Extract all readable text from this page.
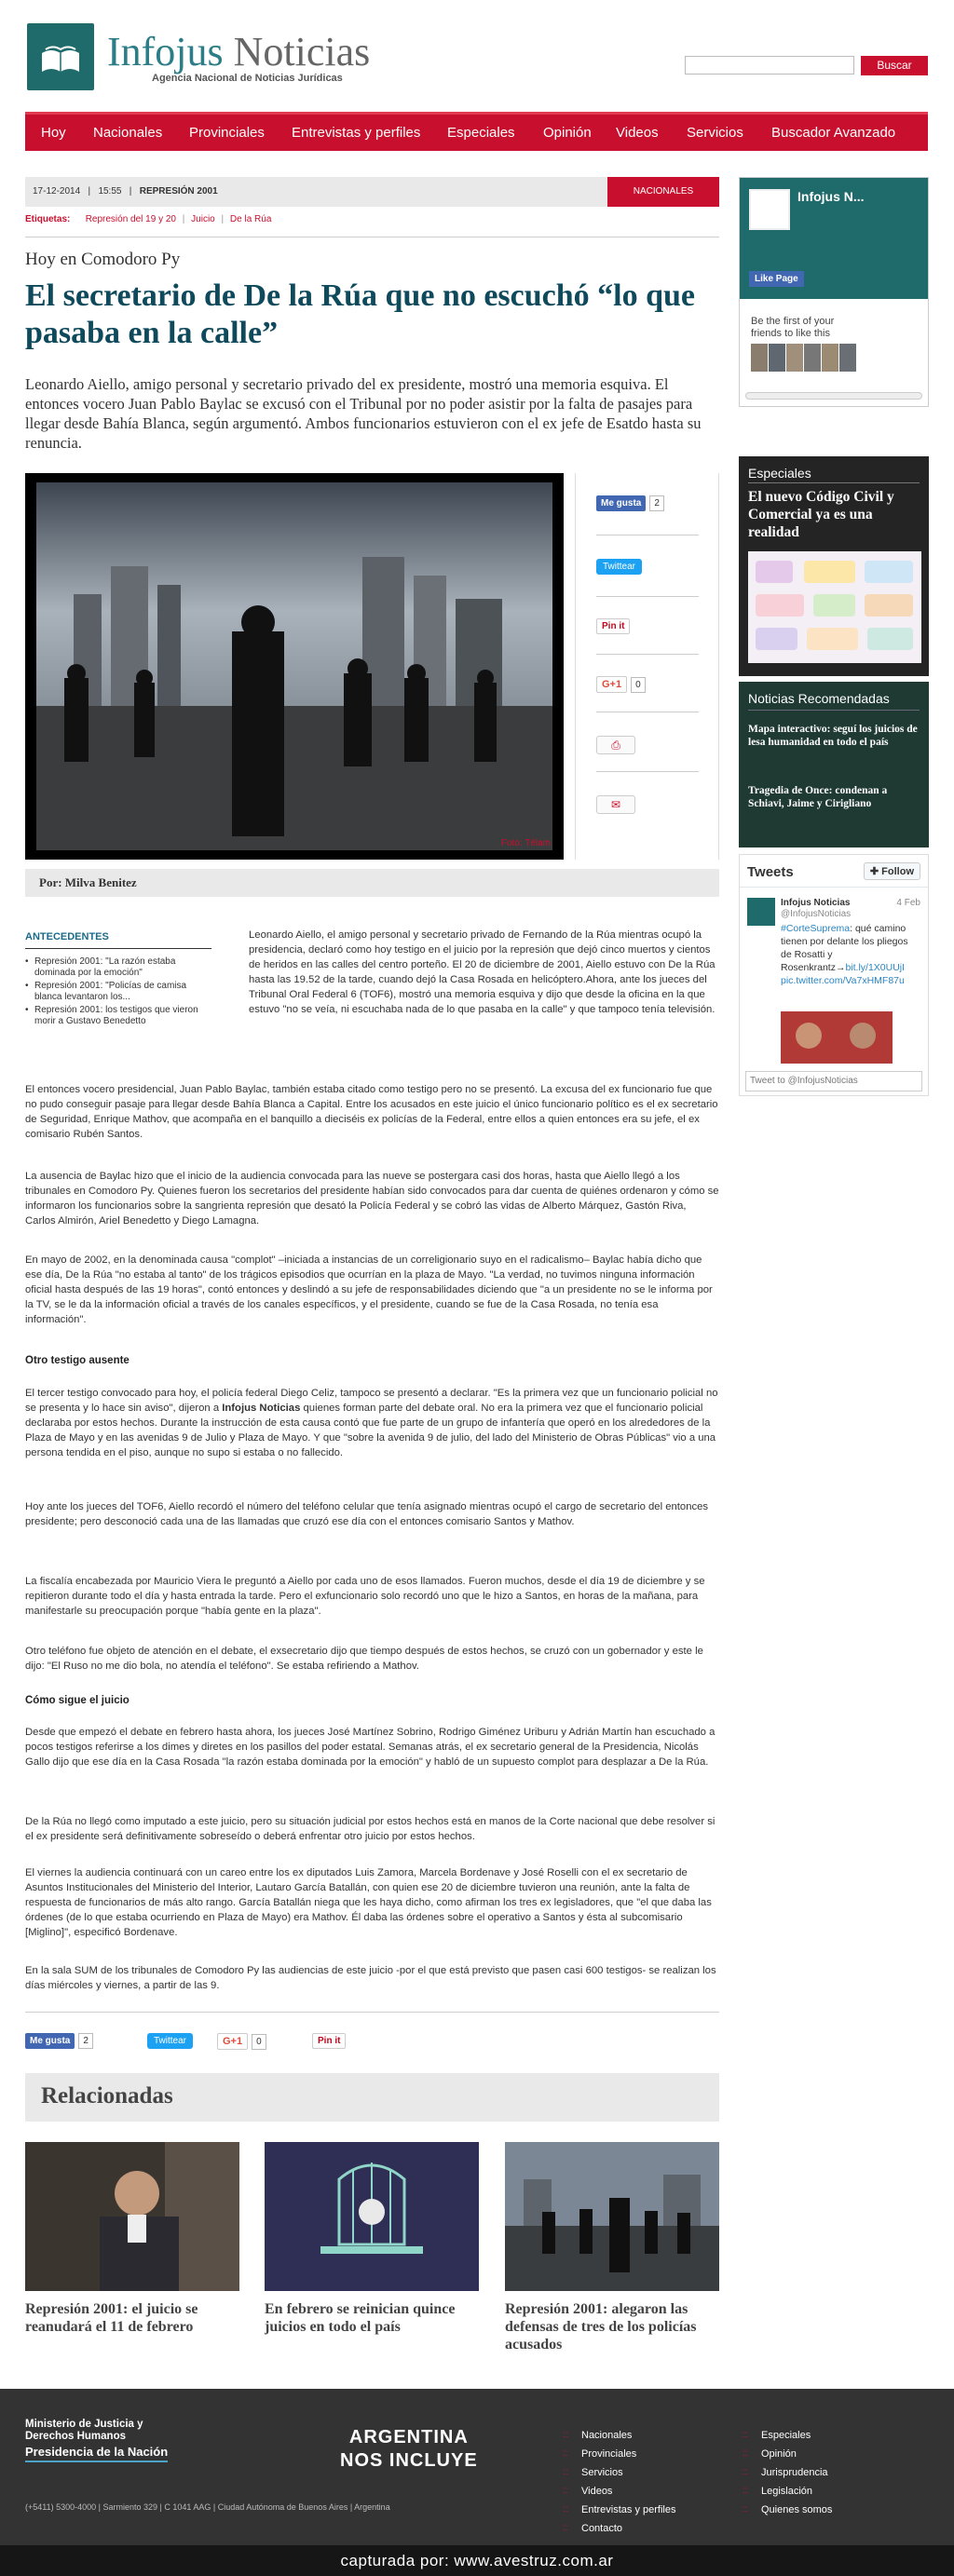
Infojus Noticias
Agencia Nacional de Noticias Jurídicas
Buscar
Hoy Nacionales Provinciales Entrevistas y perfiles Especiales Opinión Videos Servicios Buscador Avanzado
17-12-2014   |   15:55   |   REPRESIÓN 2001	NACIONALES
Etiquetas: Represión del 19 y 20 | Juicio | De la Rúa
Hoy en Comodoro Py
El secretario de De la Rúa que no escuchó “lo que pasaba en la calle”
Leonardo Aiello, amigo personal y secretario privado del ex presidente, mostró una memoria esquiva. El entonces vocero Juan Pablo Baylac se excusó con el Tribunal por no poder asistir por la falta de pasajes para llegar desde Bahía Blanca, según argumentó. Ambos funcionarios estuvieron con el ex jefe de Esatdo hasta su renuncia.
Foto: Télam
Me gusta 2
Twittear
Pin it
G+1 0
⎙
✉
Por: Milva Benitez
ANTECEDENTES
• Represión 2001: "La razón estaba dominada por la emoción"
• Represión 2001: "Policías de camisa blanca levantaron los...
• Represión 2001: los testigos que vieron morir a Gustavo Benedetto
Leonardo Aiello, el amigo personal y secretario privado de Fernando de la Rúa mientras ocupó la presidencia, declaró como hoy testigo en el juicio por la represión que dejó cinco muertos y cientos de heridos en las calles del centro porteño. El 20 de diciembre de 2001, Aiello estuvo con De la Rúa hasta las 19.52 de la tarde, cuando dejó la Casa Rosada en helicóptero.Ahora, ante los jueces del Tribunal Oral Federal 6 (TOF6), mostró una memoria esquiva y dijo que desde la oficina en la que estuvo "no se veía, ni escuchaba nada de lo que pasaba en la calle" y que tampoco tenía televisión.
El entonces vocero presidencial, Juan Pablo Baylac, también estaba citado como testigo pero no se presentó. La excusa del ex funcionario fue que no pudo conseguir pasaje para llegar desde Bahía Blanca a Capital. Entre los acusados en este juicio el único funcionario político es el ex secretario de Seguridad, Enrique Mathov, que acompaña en el banquillo a dieciséis ex policías de la Federal, entre ellos a quien entonces era su jefe, el ex comisario Rubén Santos.
La ausencia de Baylac hizo que el inicio de la audiencia convocada para las nueve se postergara casi dos horas, hasta que Aiello llegó a los tribunales en Comodoro Py. Quienes fueron los secretarios del presidente habían sido convocados para dar cuenta de quiénes ordenaron y cómo se informaron los funcionarios sobre la sangrienta represión que desató la Policía Federal y se cobró las vidas de Alberto Márquez, Gastón Riva, Carlos Almirón, Ariel Benedetto y Diego Lamagna.
En mayo de 2002, en la denominada causa "complot" –iniciada a instancias de un correligionario suyo en el radicalismo– Baylac había dicho que ese día, De la Rúa "no estaba al tanto" de los trágicos episodios que ocurrían en la plaza de Mayo. "La verdad, no tuvimos ninguna información oficial hasta después de las 19 horas", contó entonces y deslindó a su jefe de responsabilidades diciendo que "a un presidente no se le informa por la TV, se le da la información oficial a través de los canales específicos, y el presidente, cuando se fue de la Casa Rosada, no tenía esa información".
Otro testigo ausente
El tercer testigo convocado para hoy, el policía federal Diego Celiz, tampoco se presentó a declarar. "Es la primera vez que un funcionario policial no se presenta y lo hace sin aviso", dijeron a Infojus Noticias quienes forman parte del debate oral. No era la primera vez que el funcionario policial declaraba por estos hechos. Durante la instrucción de esta causa contó que fue parte de un grupo de infantería que operó en los alrededores de la Plaza de Mayo y en las avenidas 9 de Julio y Plaza de Mayo. Y que "sobre la avenida 9 de julio, del lado del Ministerio de Obras Públicas" vio a una persona tendida en el piso, aunque no supo si estaba o no fallecido.
Hoy ante los jueces del TOF6, Aiello recordó el número del teléfono celular que tenía asignado mientras ocupó el cargo de secretario del entonces presidente; pero desconoció cada una de las llamadas que cruzó ese día con el entonces comisario Santos y Mathov.
La fiscalía encabezada por Mauricio Viera le preguntó a Aiello por cada uno de esos llamados. Fueron muchos, desde el día 19 de diciembre y se repitieron durante todo el día y hasta entrada la tarde. Pero el exfuncionario solo recordó uno que le hizo a Santos, en horas de la mañana, para manifestarle su preocupación porque "había gente en la plaza".
Otro teléfono fue objeto de atención en el debate, el exsecretario dijo que tiempo después de estos hechos, se cruzó con un gobernador y este le dijo: "El Ruso no me dio bola, no atendía el teléfono". Se estaba refiriendo a Mathov.
Cómo sigue el juicio
Desde que empezó el debate en febrero hasta ahora, los jueces José Martínez Sobrino, Rodrigo Giménez Uriburu y Adrián Martín han escuchado a pocos testigos referirse a los dimes y diretes en los pasillos del poder estatal. Semanas atrás, el ex secretario general de la Presidencia, Nicolás Gallo dijo que ese día en la Casa Rosada "la razón estaba dominada por la emoción" y habló de un supuesto complot para desplazar a De la Rúa.
De la Rúa no llegó como imputado a este juicio, pero su situación judicial por estos hechos está en manos de la Corte nacional que debe resolver si el ex presidente será definitivamente sobreseído o deberá enfrentar otro juicio por estos hechos.
El viernes la audiencia continuará con un careo entre los ex diputados Luis Zamora, Marcela Bordenave y José Roselli con el ex secretario de Asuntos Institucionales del Ministerio del Interior, Lautaro García Batallán, con quien ese 20 de diciembre tuvieron una reunión, ante la falta de respuesta de funcionarios de más alto rango. García Batallán niega que les haya dicho, como afirman los tres ex legisladores, que "el que daba las órdenes (de lo que estaba ocurriendo en Plaza de Mayo) era Mathov. Él daba las órdenes sobre el operativo a Santos y ésta al subcomisario [Miglino]", especificó Bordenave.
En la sala SUM de los tribunales de Comodoro Py las audiencias de este juicio -por el que está previsto que pasen casi 600 testigos- se realizan los días miércoles y viernes, a partir de las 9.
Me gusta 2	Twittear	G+1 0	Pin it
Relacionadas
Represión 2001: el juicio se reanudará el 11 de febrero
En febrero se reinician quince juicios en todo el país
Represión 2001: alegaron las defensas de tres de los policías acusados
Infojus N...
Like Page
Be the first of your friends to like this
Especiales
El nuevo Código Civil y Comercial ya es una realidad
Noticias Recomendadas
Mapa interactivo: seguí los juicios de lesa humanidad en todo el país
Tragedia de Once: condenan a Schiavi, Jaime y Cirigliano
Tweets	✚ Follow
Infojus Noticias
@InfojusNoticias
4 Feb
#CorteSuprema: qué camino tienen por delante los pliegos de Rosatti y Rosenkrantz→bit.ly/1X0UUjI pic.twitter.com/Va7xHMF87u
Tweet to @InfojusNoticias
Ministerio de Justicia y Derechos Humanos
Presidencia de la Nación
(+5411) 5300-4000 | Sarmiento 329 | C 1041 AAG | Ciudad Autónoma de Buenos Aires | Argentina
ARGENTINA
NOS INCLUYE
:: Nacionales
:: Provinciales
:: Servicios
:: Videos
:: Entrevistas y perfiles
:: Contacto
:: Especiales
:: Opinión
:: Jurisprudencia
:: Legislación
:: Quienes somos
capturada por: www.avestruz.com.ar
